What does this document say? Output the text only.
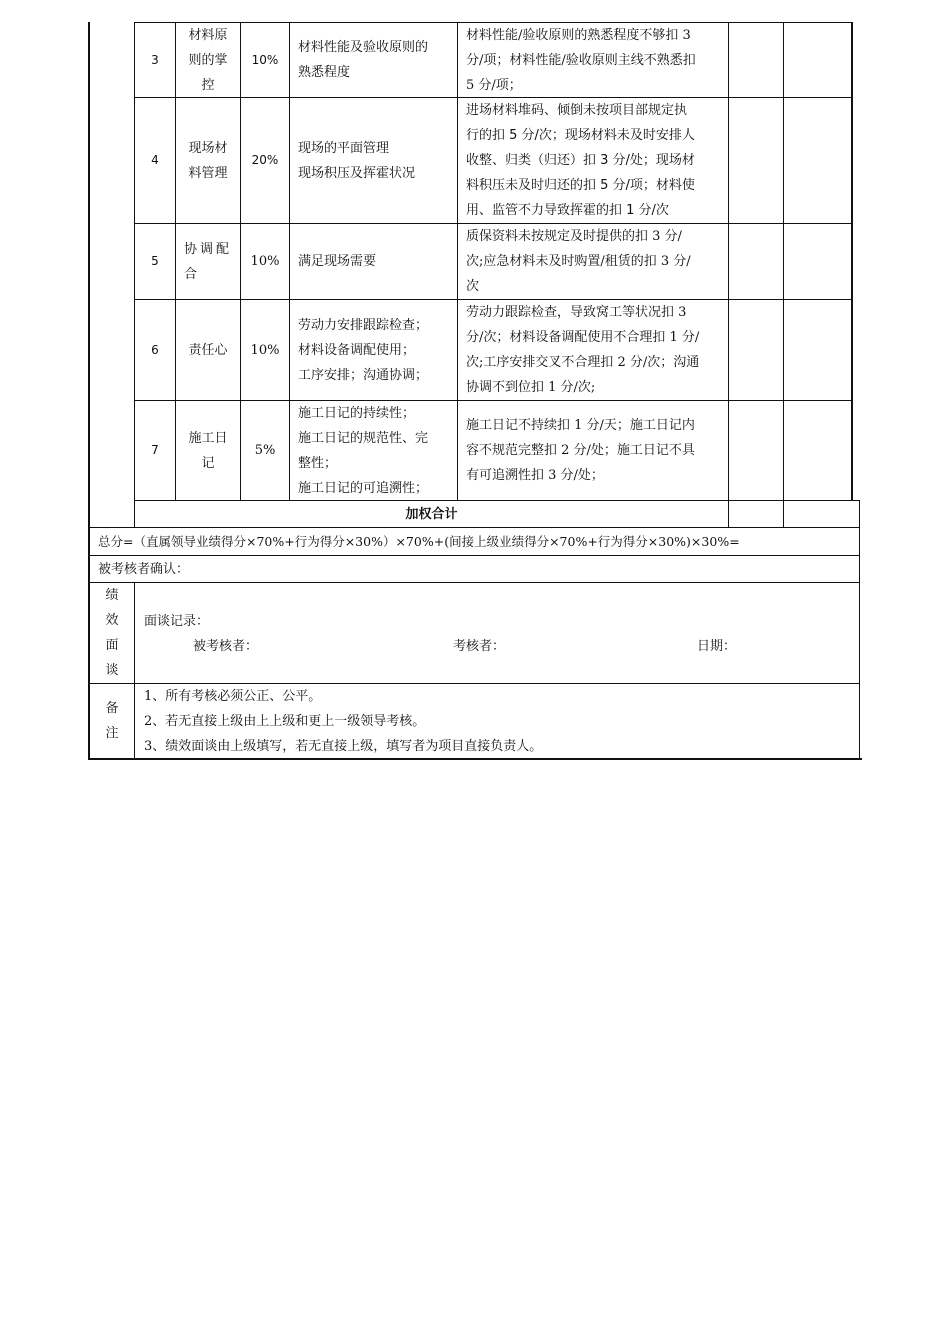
3
材料原
则的掌
控
10%
材料性能及验收原则的
熟悉程度
材料性能/验收原则的熟悉程度不够扣 3
分/项；材料性能/验收原则主线不熟悉扣
5 分/项；
4
现场材
料管理
20%
现场的平面管理
现场积压及挥霍状况
进场材料堆码、倾倒未按项目部规定执
行的扣 5 分/次；现场材料未及时安排人
收整、归类（归还）扣 3 分/处；现场材
料积压未及时归还的扣 5 分/项；材料使
用、监管不力导致挥霍的扣 1 分/次
5
协调配
合
10% 满足现场需要
质保资料未按规定及时提供的扣 3 分/
次;应急材料未及时购置/租赁的扣 3 分/
次
6 责任心 10%
劳动力安排跟踪检查；
材料设备调配使用；
工序安排；沟通协调；
劳动力跟踪检查，导致窝工等状况扣 3
分/次；材料设备调配使用不合理扣 1 分/
次;工序安排交叉不合理扣 2 分/次；沟通
协调不到位扣 1 分/次;
7
施工日
记
5%
施工日记的持续性；
施工日记的规范性、完
整性；
施工日记的可追溯性；
施工日记不持续扣 1 分/天；施工日记内
容不规范完整扣 2 分/处；施工日记不具
有可追溯性扣 3 分/处；
加权合计
总分=（直属领导业绩得分×70%+行为得分×30%）×70%+(间接上级业绩得分×70%+行为得分×30%)×30%=
被考核者确认：
绩
效
面
谈
面谈记录：
被考核者：	考核者：	日期：
备
注
1、所有考核必须公正、公平。
2、若无直接上级由上上级和更上一级领导考核。
3、绩效面谈由上级填写，若无直接上级，填写者为项目直接负责人。
